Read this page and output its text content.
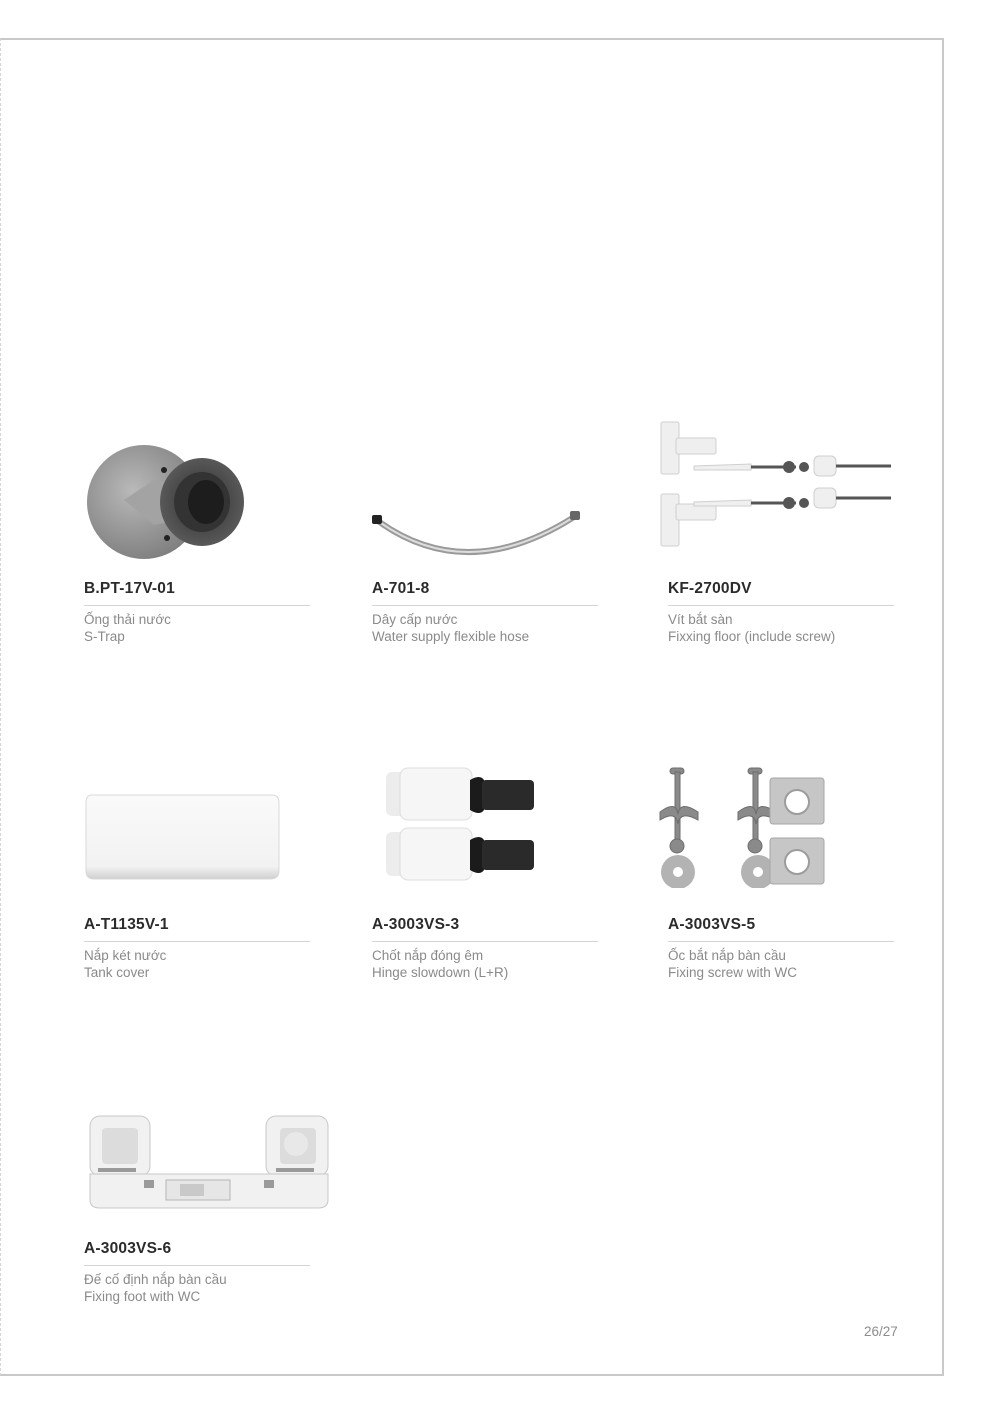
B.PT-17V-01
Ống thải nước
S-Trap
A-701-8
Dây cấp nước
Water supply flexible hose
KF-2700DV
Vít bắt sàn
Fixxing floor (include screw)
A-T1135V-1
Nắp két nước
Tank cover
A-3003VS-3
Chốt nắp đóng êm
Hinge slowdown (L+R)
A-3003VS-5
Ốc bắt nắp bàn cầu
Fixing screw with WC
A-3003VS-6
Đế cố định nắp bàn cầu
Fixing foot with WC
26/27
